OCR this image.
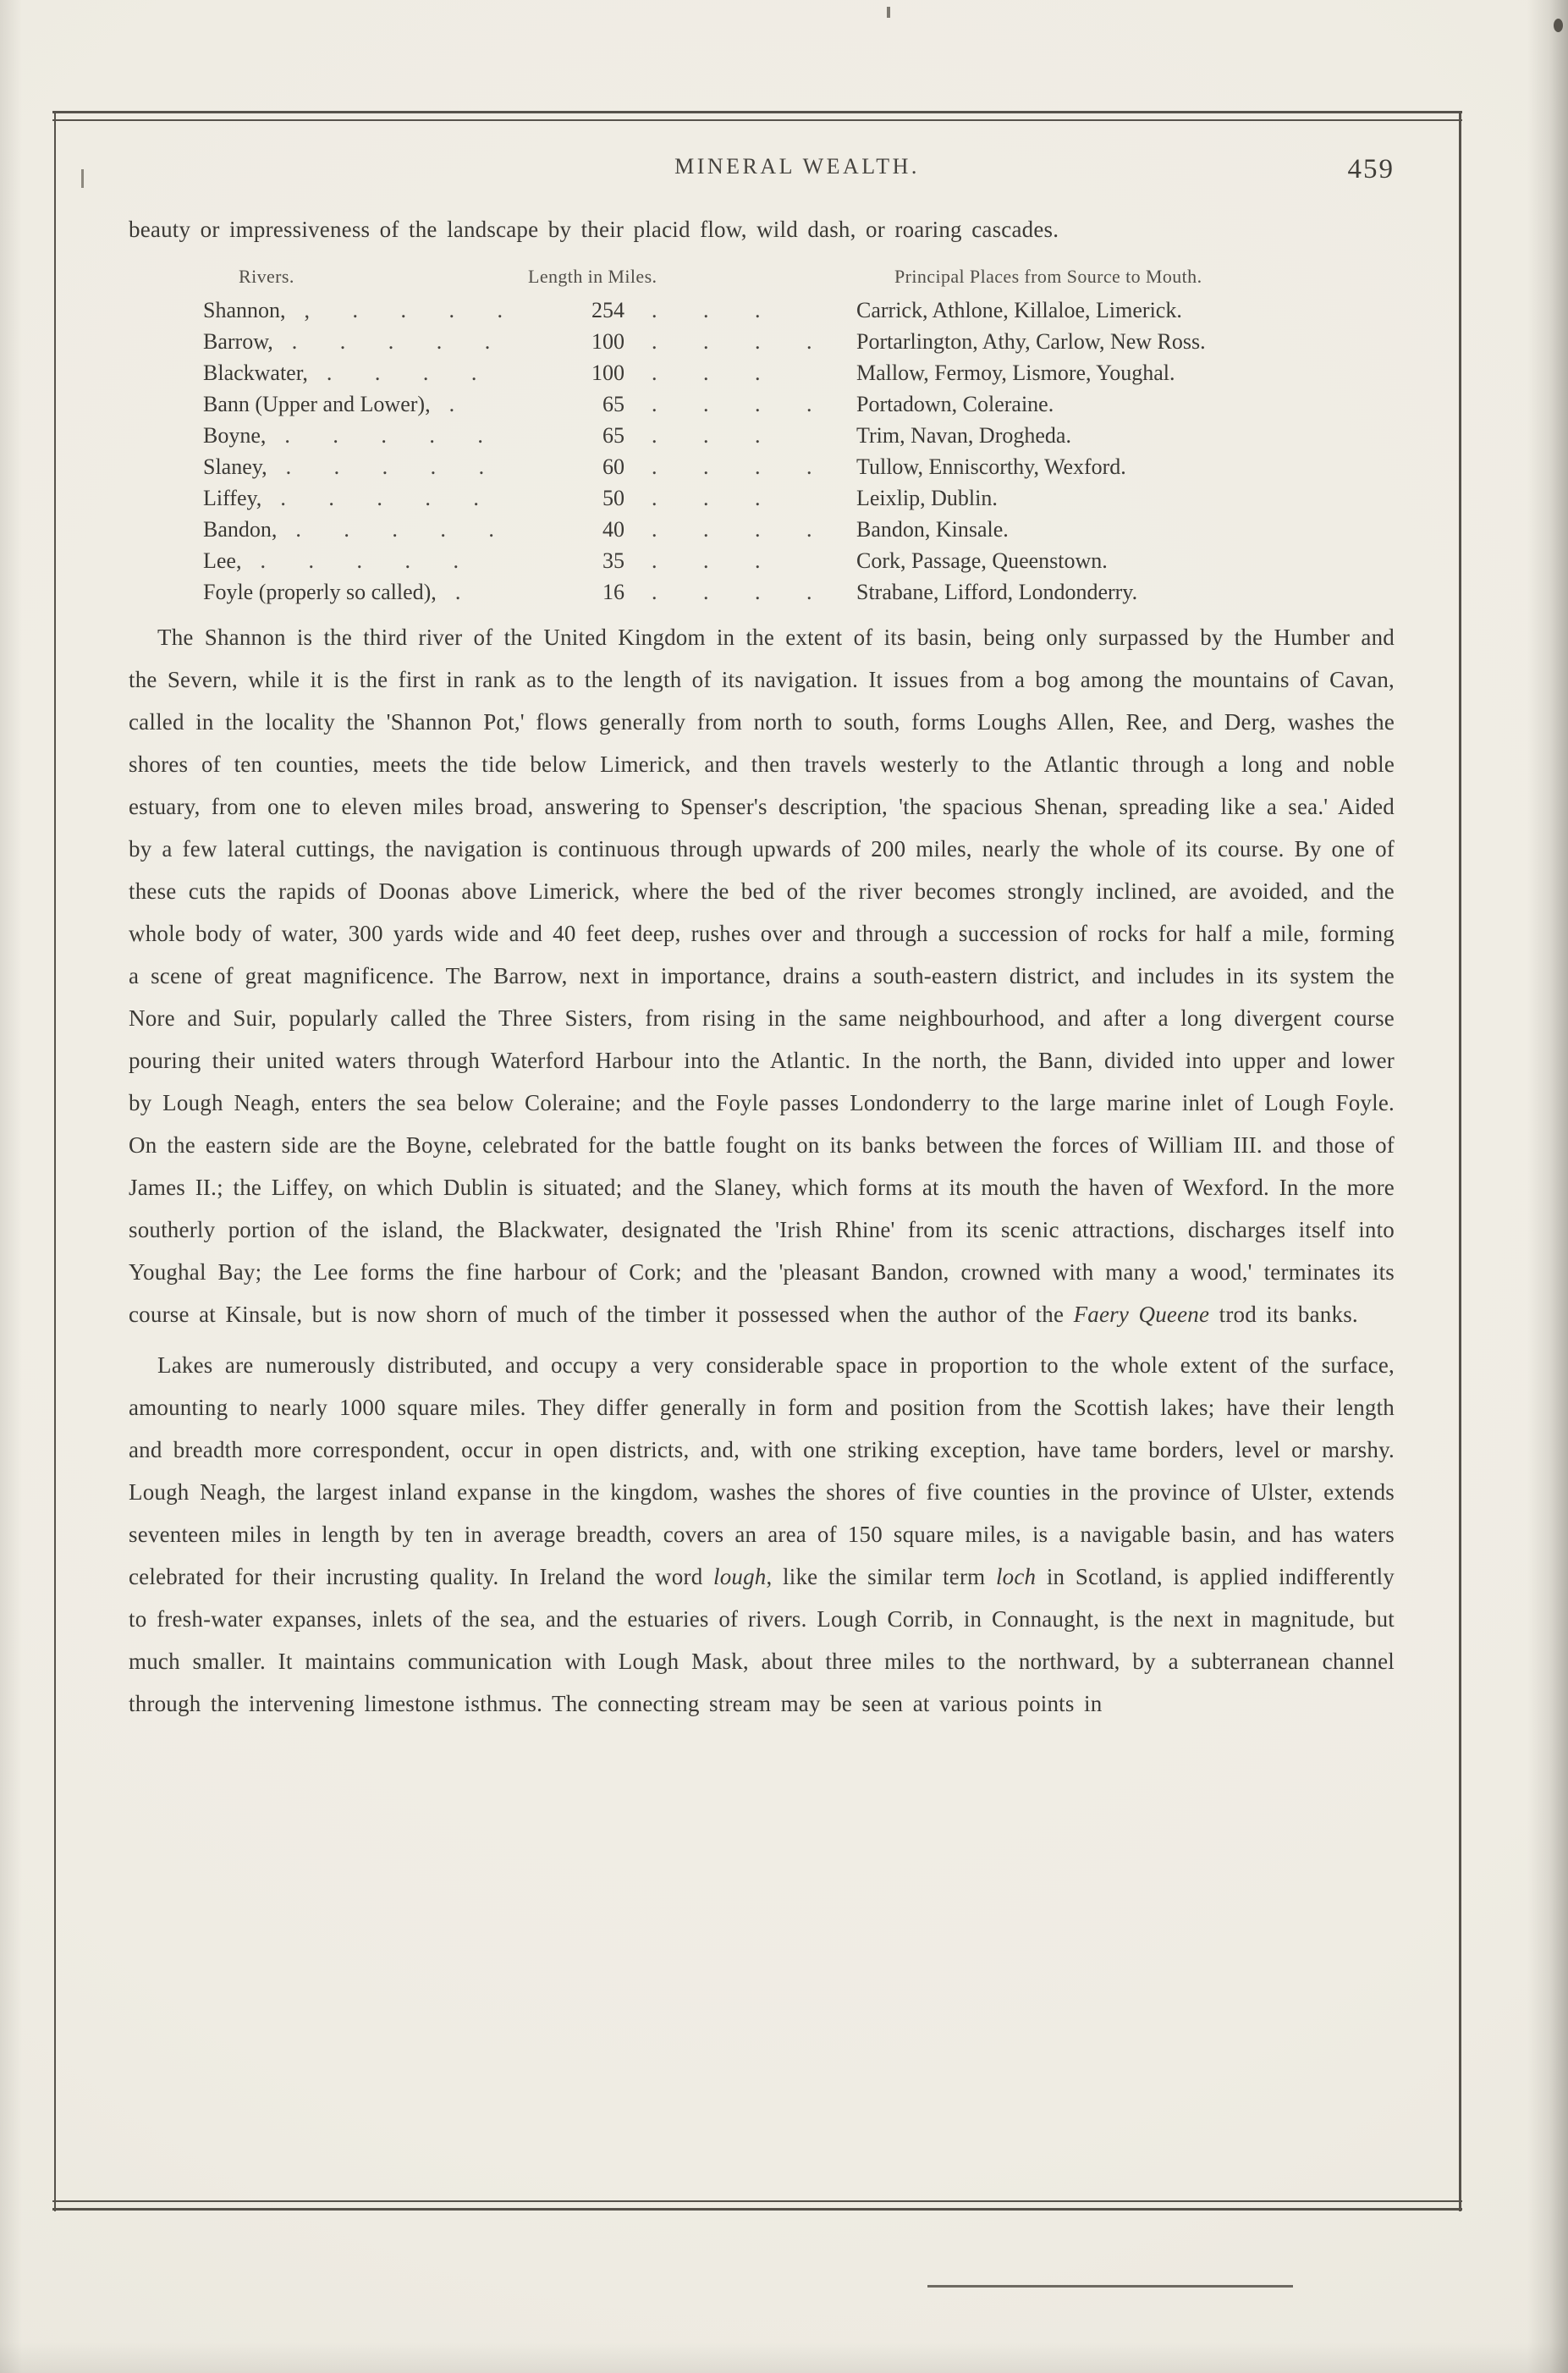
MINERAL WEALTH.	459

beauty or impressiveness of the landscape by their placid flow, wild dash, or roaring cascades.

Rivers.	Length in Miles.	Principal Places from Source to Mouth.
Shannon, , . . . .	254	. . .	Carrick, Athlone, Killaloe, Limerick.
Barrow, . . . . .	100	. . . .	Portarlington, Athy, Carlow, New Ross.
Blackwater, . . . .	100	. . .	Mallow, Fermoy, Lismore, Youghal.
Bann (Upper and Lower), .	65	. . . .	Portadown, Coleraine.
Boyne, . . . . .	65	. . .	Trim, Navan, Drogheda.
Slaney, . . . . .	60	. . . .	Tullow, Enniscorthy, Wexford.
Liffey, . . . . .	50	. . .	Leixlip, Dublin.
Bandon, . . . . .	40	. . . .	Bandon, Kinsale.
Lee, . . . . .	35	. . .	Cork, Passage, Queenstown.
Foyle (properly so called), .	16	. . . .	Strabane, Lifford, Londonderry.

The Shannon is the third river of the United Kingdom in the extent of its basin, being only surpassed by the Humber and the Severn, while it is the first in rank as to the length of its navigation. It issues from a bog among the mountains of Cavan, called in the locality the 'Shannon Pot,' flows generally from north to south, forms Loughs Allen, Ree, and Derg, washes the shores of ten counties, meets the tide below Limerick, and then travels westerly to the Atlantic through a long and noble estuary, from one to eleven miles broad, answering to Spenser's description, 'the spacious Shenan, spreading like a sea.' Aided by a few lateral cuttings, the navigation is continuous through upwards of 200 miles, nearly the whole of its course. By one of these cuts the rapids of Doonas above Limerick, where the bed of the river becomes strongly inclined, are avoided, and the whole body of water, 300 yards wide and 40 feet deep, rushes over and through a succession of rocks for half a mile, forming a scene of great magnificence. The Barrow, next in importance, drains a south-eastern district, and includes in its system the Nore and Suir, popularly called the Three Sisters, from rising in the same neighbourhood, and after a long divergent course pouring their united waters through Waterford Harbour into the Atlantic. In the north, the Bann, divided into upper and lower by Lough Neagh, enters the sea below Coleraine; and the Foyle passes Londonderry to the large marine inlet of Lough Foyle. On the eastern side are the Boyne, celebrated for the battle fought on its banks between the forces of William III. and those of James II.; the Liffey, on which Dublin is situated; and the Slaney, which forms at its mouth the haven of Wexford. In the more southerly portion of the island, the Blackwater, designated the 'Irish Rhine' from its scenic attractions, discharges itself into Youghal Bay; the Lee forms the fine harbour of Cork; and the 'pleasant Bandon, crowned with many a wood,' terminates its course at Kinsale, but is now shorn of much of the timber it possessed when the author of the Faery Queene trod its banks.

Lakes are numerously distributed, and occupy a very considerable space in proportion to the whole extent of the surface, amounting to nearly 1000 square miles. They differ generally in form and position from the Scottish lakes; have their length and breadth more correspondent, occur in open districts, and, with one striking exception, have tame borders, level or marshy. Lough Neagh, the largest inland expanse in the kingdom, washes the shores of five counties in the province of Ulster, extends seventeen miles in length by ten in average breadth, covers an area of 150 square miles, is a navigable basin, and has waters celebrated for their incrusting quality. In Ireland the word lough, like the similar term loch in Scotland, is applied indifferently to fresh-water expanses, inlets of the sea, and the estuaries of rivers. Lough Corrib, in Connaught, is the next in magnitude, but much smaller. It maintains communication with Lough Mask, about three miles to the northward, by a subterranean channel through the intervening limestone isthmus. The connecting stream may be seen at various points in
